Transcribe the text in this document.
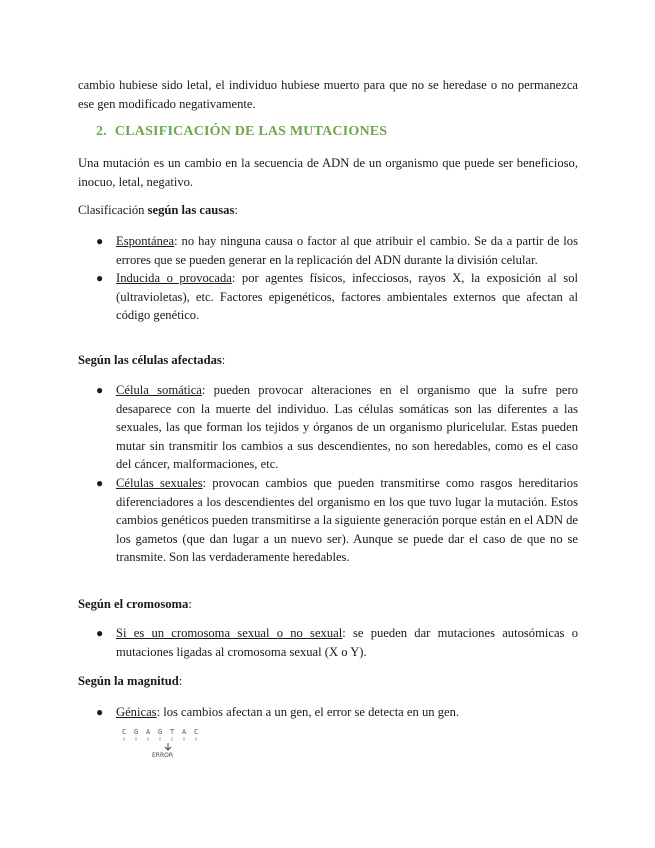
cambio hubiese sido letal, el individuo hubiese muerto para que no se heredase o no permanezca ese gen modificado negativamente.

2. CLASIFICACIÓN DE LAS MUTACIONES

Una mutación es un cambio en la secuencia de ADN de un organismo que puede ser beneficioso, inocuo, letal, negativo.

Clasificación según las causas:

● Espontánea: no hay ninguna causa o factor al que atribuir el cambio. Se da a partir de los errores que se pueden generar en la replicación del ADN durante la división celular.
● Inducida o provocada: por agentes físicos, infecciosos, rayos X, la exposición al sol (ultravioletas), etc. Factores epigenéticos, factores ambientales externos que afectan al código genético.

Según las células afectadas:

● Célula somática: pueden provocar alteraciones en el organismo que la sufre pero desaparece con la muerte del individuo. Las células somáticas son las diferentes a las sexuales, las que forman los tejidos y órganos de un organismo pluricelular. Estas pueden mutar sin transmitir los cambios a sus descendientes, no son heredables, como es el caso del cáncer, malformaciones, etc.
● Células sexuales: provocan cambios que pueden transmitirse como rasgos hereditarios diferenciadores a los descendientes del organismo en los que tuvo lugar la mutación. Estos cambios genéticos pueden transmitirse a la siguiente generación porque están en el ADN de los gametos (que dan lugar a un nuevo ser). Aunque se puede dar el caso de que no se transmite. Son las verdaderamente heredables.

Según el cromosoma:

● Si es un cromosoma sexual o no sexual: se pueden dar mutaciones autosómicas o mutaciones ligadas al cromosoma sexual (X o Y).

Según la magnitud:

● Génicas: los cambios afectan a un gen, el error se detecta en un gen.
C G A G T A C
ERROR
